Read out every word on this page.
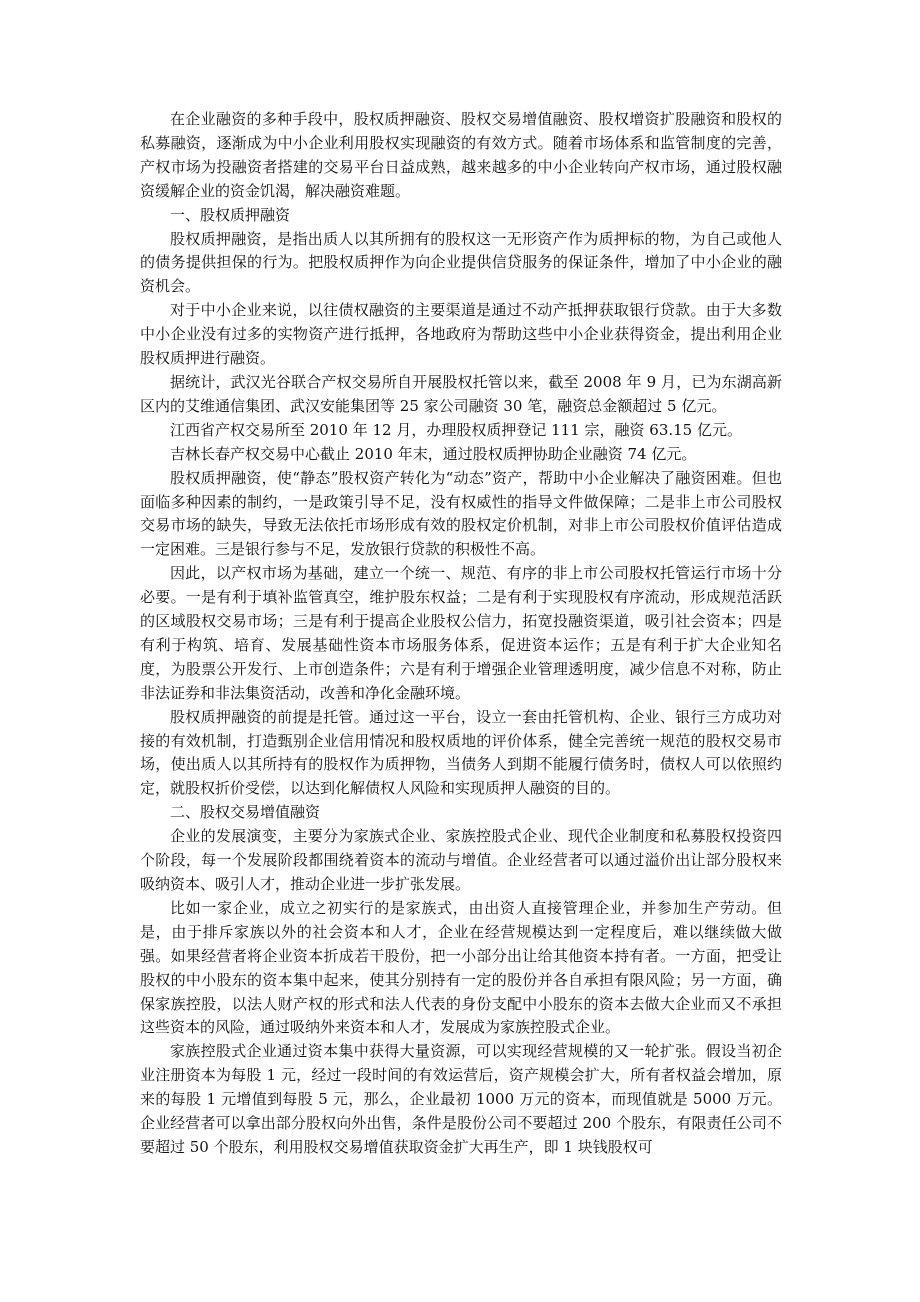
在企业融资的多种手段中，股权质押融资、股权交易增值融资、股权增资扩股融资和股权的私募融资，逐渐成为中小企业利用股权实现融资的有效方式。随着市场体系和监管制度的完善，产权市场为投融资者搭建的交易平台日益成熟，越来越多的中小企业转向产权市场，通过股权融资缓解企业的资金饥渴，解决融资难题。

一、股权质押融资

股权质押融资，是指出质人以其所拥有的股权这一无形资产作为质押标的物，为自己或他人的债务提供担保的行为。把股权质押作为向企业提供信贷服务的保证条件，增加了中小企业的融资机会。

对于中小企业来说，以往债权融资的主要渠道是通过不动产抵押获取银行贷款。由于大多数中小企业没有过多的实物资产进行抵押，各地政府为帮助这些中小企业获得资金，提出利用企业股权质押进行融资。

据统计，武汉光谷联合产权交易所自开展股权托管以来，截至 2008 年 9 月，已为东湖高新区内的艾维通信集团、武汉安能集团等 25 家公司融资 30 笔，融资总金额超过 5 亿元。

江西省产权交易所至 2010 年 12 月，办理股权质押登记 111 宗，融资 63.15 亿元。

吉林长春产权交易中心截止 2010 年末，通过股权质押协助企业融资 74 亿元。

股权质押融资，使“静态”股权资产转化为“动态”资产，帮助中小企业解决了融资困难。但也面临多种因素的制约，一是政策引导不足，没有权威性的指导文件做保障；二是非上市公司股权交易市场的缺失，导致无法依托市场形成有效的股权定价机制，对非上市公司股权价值评估造成一定困难。三是银行参与不足，发放银行贷款的积极性不高。

因此，以产权市场为基础，建立一个统一、规范、有序的非上市公司股权托管运行市场十分必要。一是有利于填补监管真空，维护股东权益；二是有利于实现股权有序流动，形成规范活跃的区域股权交易市场；三是有利于提高企业股权公信力，拓宽投融资渠道，吸引社会资本；四是有利于构筑、培育、发展基础性资本市场服务体系，促进资本运作；五是有利于扩大企业知名度，为股票公开发行、上市创造条件；六是有利于增强企业管理透明度，减少信息不对称，防止非法证券和非法集资活动，改善和净化金融环境。

股权质押融资的前提是托管。通过这一平台，设立一套由托管机构、企业、银行三方成功对接的有效机制，打造甄别企业信用情况和股权质地的评价体系，健全完善统一规范的股权交易市场，使出质人以其所持有的股权作为质押物，当债务人到期不能履行债务时，债权人可以依照约定，就股权折价受偿，以达到化解债权人风险和实现质押人融资的目的。

二、股权交易增值融资

企业的发展演变，主要分为家族式企业、家族控股式企业、现代企业制度和私募股权投资四个阶段，每一个发展阶段都围绕着资本的流动与增值。企业经营者可以通过溢价出让部分股权来吸纳资本、吸引人才，推动企业进一步扩张发展。

比如一家企业，成立之初实行的是家族式，由出资人直接管理企业，并参加生产劳动。但是，由于排斥家族以外的社会资本和人才，企业在经营规模达到一定程度后，难以继续做大做强。如果经营者将企业资本折成若干股份，把一小部分出让给其他资本持有者。一方面，把受让股权的中小股东的资本集中起来，使其分别持有一定的股份并各自承担有限风险；另一方面，确保家族控股，以法人财产权的形式和法人代表的身份支配中小股东的资本去做大企业而又不承担这些资本的风险，通过吸纳外来资本和人才，发展成为家族控股式企业。

家族控股式企业通过资本集中获得大量资源，可以实现经营规模的又一轮扩张。假设当初企业注册资本为每股 1 元，经过一段时间的有效运营后，资产规模会扩大，所有者权益会增加，原来的每股 1 元增值到每股 5 元，那么，企业最初 1000 万元的资本，而现值就是 5000 万元。企业经营者可以拿出部分股权向外出售，条件是股份公司不要超过 200 个股东，有限责任公司不要超过 50 个股东，利用股权交易增值获取资金扩大再生产，即 1 块钱股权可
